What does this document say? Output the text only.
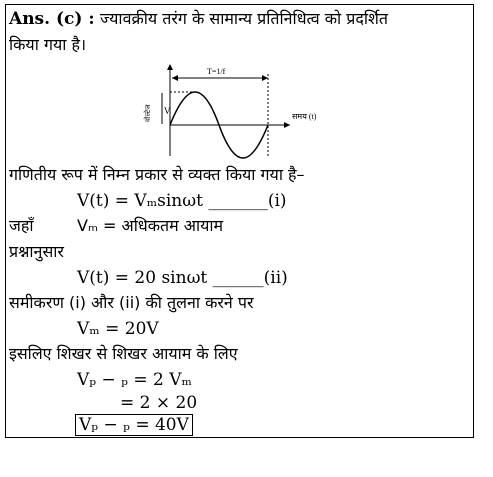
Ans. (c) : ज्यावक्रीय तरंग के सामान्य प्रतिनिधित्व को प्रदर्शित
किया गया है।
T=1/f
समय (t)
V
वोल्टेज
गणितीय रूप में निम्न प्रकार से व्यक्त किया गया है–
V(t) = Vₘsinωt _______(i)
जहाँ	Vₘ = अधिकतम आयाम
प्रश्नानुसार
V(t) = 20 sinωt ______(ii)
समीकरण (i) और (ii) की तुलना करने पर
Vₘ = 20V
इसलिए शिखर से शिखर आयाम के लिए
Vₚ − ₚ = 2 Vₘ
= 2 × 20
Vₚ − ₚ = 40V
